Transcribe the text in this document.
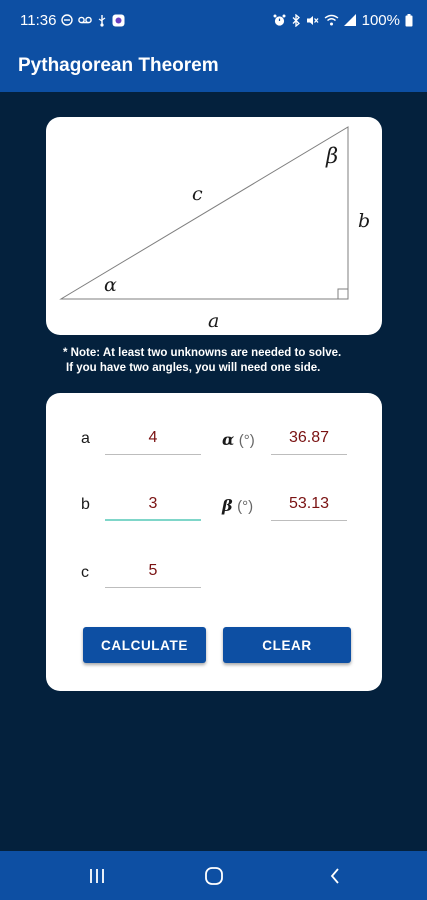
11:36	100%
Pythagorean Theorem
c
b
a
α
β
* Note: At least two unknowns are needed to solve.
If you have two angles, you will need one side.
a	4	α (°)	36.87
b	3	β (°)	53.13
c	5
CALCULATE	CLEAR
